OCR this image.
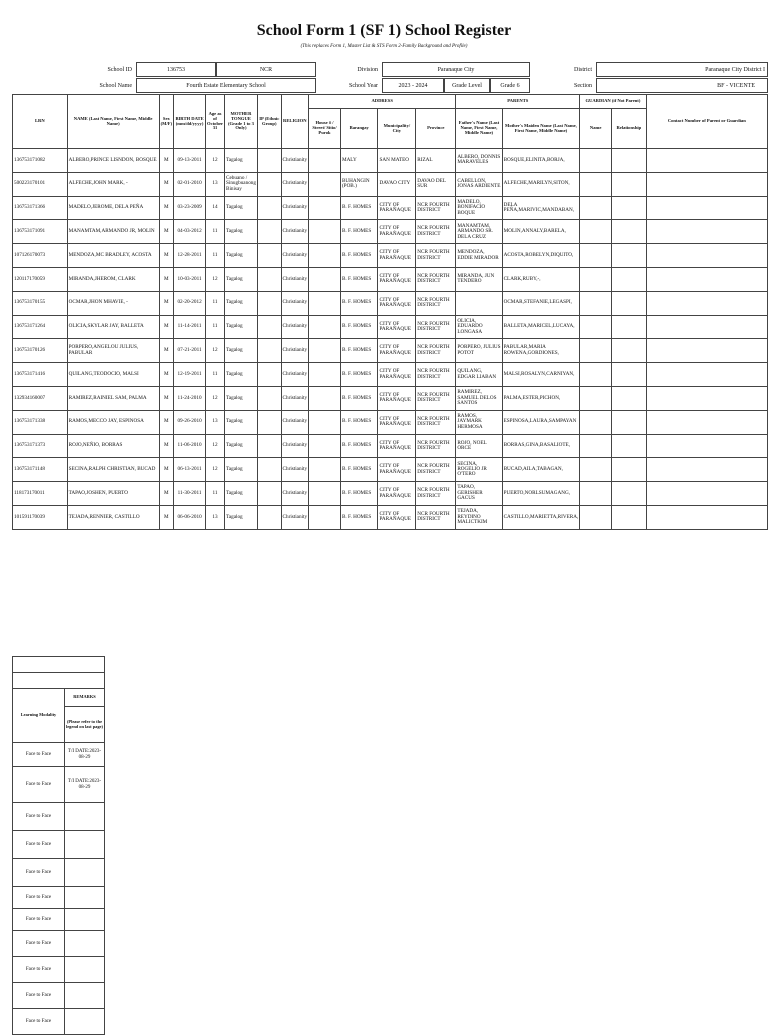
School Form 1 (SF 1) School Register
(This replaces Form 1, Master List & STS Form 2-Family Background and Profile)
School ID	136753	NCR	Division	Paranaque City	District	Paranaque City District I
School Name	Fourth Estate Elementary School	School Year	2023 - 2024	Grade Level	Grade 6	Section	BF - VICENTE
LRN	NAME (Last Name, First Name, Middle Name)	Sex (M/F)	BIRTH DATE (mm/dd/yyyy)	Age as of October 31	MOTHER TONGUE (Grade 1 to 3 Only)	IP (Ethnic Group)	RELIGION	ADDRESS				PARENTS		GUARDIAN (if Not Parent)		Contact Number of Parent or Guardian
								House # / Street/ Sitio/ Purok	Barangay	Municipality/ City	Province	Father's Name (Last Name, First Name, Middle Name)	Mother's Maiden Name (Last Name, First Name, Middle Name)	Name	Relationship	
136753171082	ALBERO,PRINCE LISNDON, BOSQUE	M	09-13-2011	12	Tagalog		Christianity		MALY	SAN MATEO	RIZAL	ALBERO, DONNIS MARAVELES	BOSQUE,ELINITA,BORJA,			
500223170101	ALFECHE,JOHN MARK, -	M	02-01-2010	13	Cebuano / Sinugbuanong Binisay		Christianity		BUHANGIN (POB.)	DAVAO CITY	DAVAO DEL SUR	CABELLON, JONAS ARDIENTE	ALFECHE,MARILYN,SITON,			
136753171366	MADELO,JEROME, DELA PEÑA	M	03-23-2009	14	Tagalog		Christianity		B. F. HOMES	CITY OF PARAÑAQUE	NCR FOURTH DISTRICT	MADELO, BONIFACIO BOQUE	DELA PEÑA,MARIVIC,MANDABAN,			
136753171091	MANAMTAM,ARMANDO JR, MOLIN	M	04-03-2012	11	Tagalog		Christianity		B. F. HOMES	CITY OF PARAÑAQUE	NCR FOURTH DISTRICT	MANAMTAM, ARMANDO SR. DELA CRUZ	MOLIN,ANNALY,BARELA,			
107126170073	MENDOZA,MC BRADLEY, ACOSTA	M	12-28-2011	11	Tagalog		Christianity		B. F. HOMES	CITY OF PARAÑAQUE	NCR FOURTH DISTRICT	MENDOZA, EDDIE MIRADOR	ACOSTA,ROBELYN,DIQUITO,			
120117170059	MIRANDA,JHEROM, CLARK	M	10-03-2011	12	Tagalog		Christianity		B. F. HOMES	CITY OF PARAÑAQUE	NCR FOURTH DISTRICT	MIRANDA, JUN TENDERO	CLARK,RUBY,-,			
136753170155	OCMAR,JHON MHAVIE, -	M	02-20-2012	11	Tagalog		Christianity		B. F. HOMES	CITY OF PARAÑAQUE	NCR FOURTH DISTRICT		OCMAR,STEFANIE,LEGASPI,			
136753171264	OLICIA,SKYLAR JAY, BALLETA	M	11-14-2011	11	Tagalog		Christianity		B. F. HOMES	CITY OF PARAÑAQUE	NCR FOURTH DISTRICT	OLICIA, EDUARDO LONGASA	BALLETA,MARICEL,LUCAYA,			
136753170126	PORPERO,ANGELOU JULIUS, PABULAR	M	07-21-2011	12	Tagalog		Christianity		B. F. HOMES	CITY OF PARAÑAQUE	NCR FOURTH DISTRICT	PORPERO, JULIUS POTOT	PABULAR,MARIA ROWENA,GORDIONES,			
136753171416	QUILANG,TEODOCIO, MALSI	M	12-19-2011	11	Tagalog		Christianity		B. F. HOMES	CITY OF PARAÑAQUE	NCR FOURTH DISTRICT	QUILANG, EDGAR LIABAN	MALSI,ROSALYN,CARNIYAN,			
132934160007	RAMIREZ,RAINIEL SAM, PALMA	M	11-24-2010	12	Tagalog		Christianity		B. F. HOMES	CITY OF PARAÑAQUE	NCR FOURTH DISTRICT	RAMIREZ, SAMUEL DELOS SANTOS	PALMA,ESTER,PICHON,			
136753171338	RAMOS,MECCO JAY, ESPINOSA	M	09-26-2010	13	Tagalog		Christianity		B. F. HOMES	CITY OF PARAÑAQUE	NCR FOURTH DISTRICT	RAMOS, JAYMARK HERMOSA	ESPINOSA,LAURA,SAMPAYAN			
136753171373	ROJO,NEÑIO, BORRAS	M	11-06-2010	12	Tagalog		Christianity		B. F. HOMES	CITY OF PARAÑAQUE	NCR FOURTH DISTRICT	ROJO, NOEL ORCE	BORRAS,GINA,BASALIOTE,			
136753171148	SECINA,RALPH CHRISTIAN, BUCAD	M	06-13-2011	12	Tagalog		Christianity		B. F. HOMES	CITY OF PARAÑAQUE	NCR FOURTH DISTRICT	SECINA, ROGELIO JR O'TERO	BUCAD,AILA,TABAGAN,			
118173170011	TAPAO,JOSHEN, PUERTO	M	11-30-2011	11	Tagalog		Christianity		B. F. HOMES	CITY OF PARAÑAQUE	NCR FOURTH DISTRICT	TAPAO, GERISHER GACUS	PUERTO,NORLSUMAGANG,			
101591170039	TEJADA,RENNIER, CASTILLO	M	06-06-2010	13	Tagalog		Christianity		B. F. HOMES	CITY OF PARAÑAQUE	NCR FOURTH DISTRICT	TEJADA, REYDINO MALICTKIM	CASTILLO,MARIETTA,RIVERA,			

Learning Modality	REMARKS
	(Please refer to the legend on last page)
Face to Face	T/I DATE:2023-08-29
Face to Face	T/I DATE:2023-08-29
Face to Face	
Face to Face	
Face to Face	
Face to Face	
Face to Face	
Face to Face	
Face to Face	
Face to Face	
Face to Face	
